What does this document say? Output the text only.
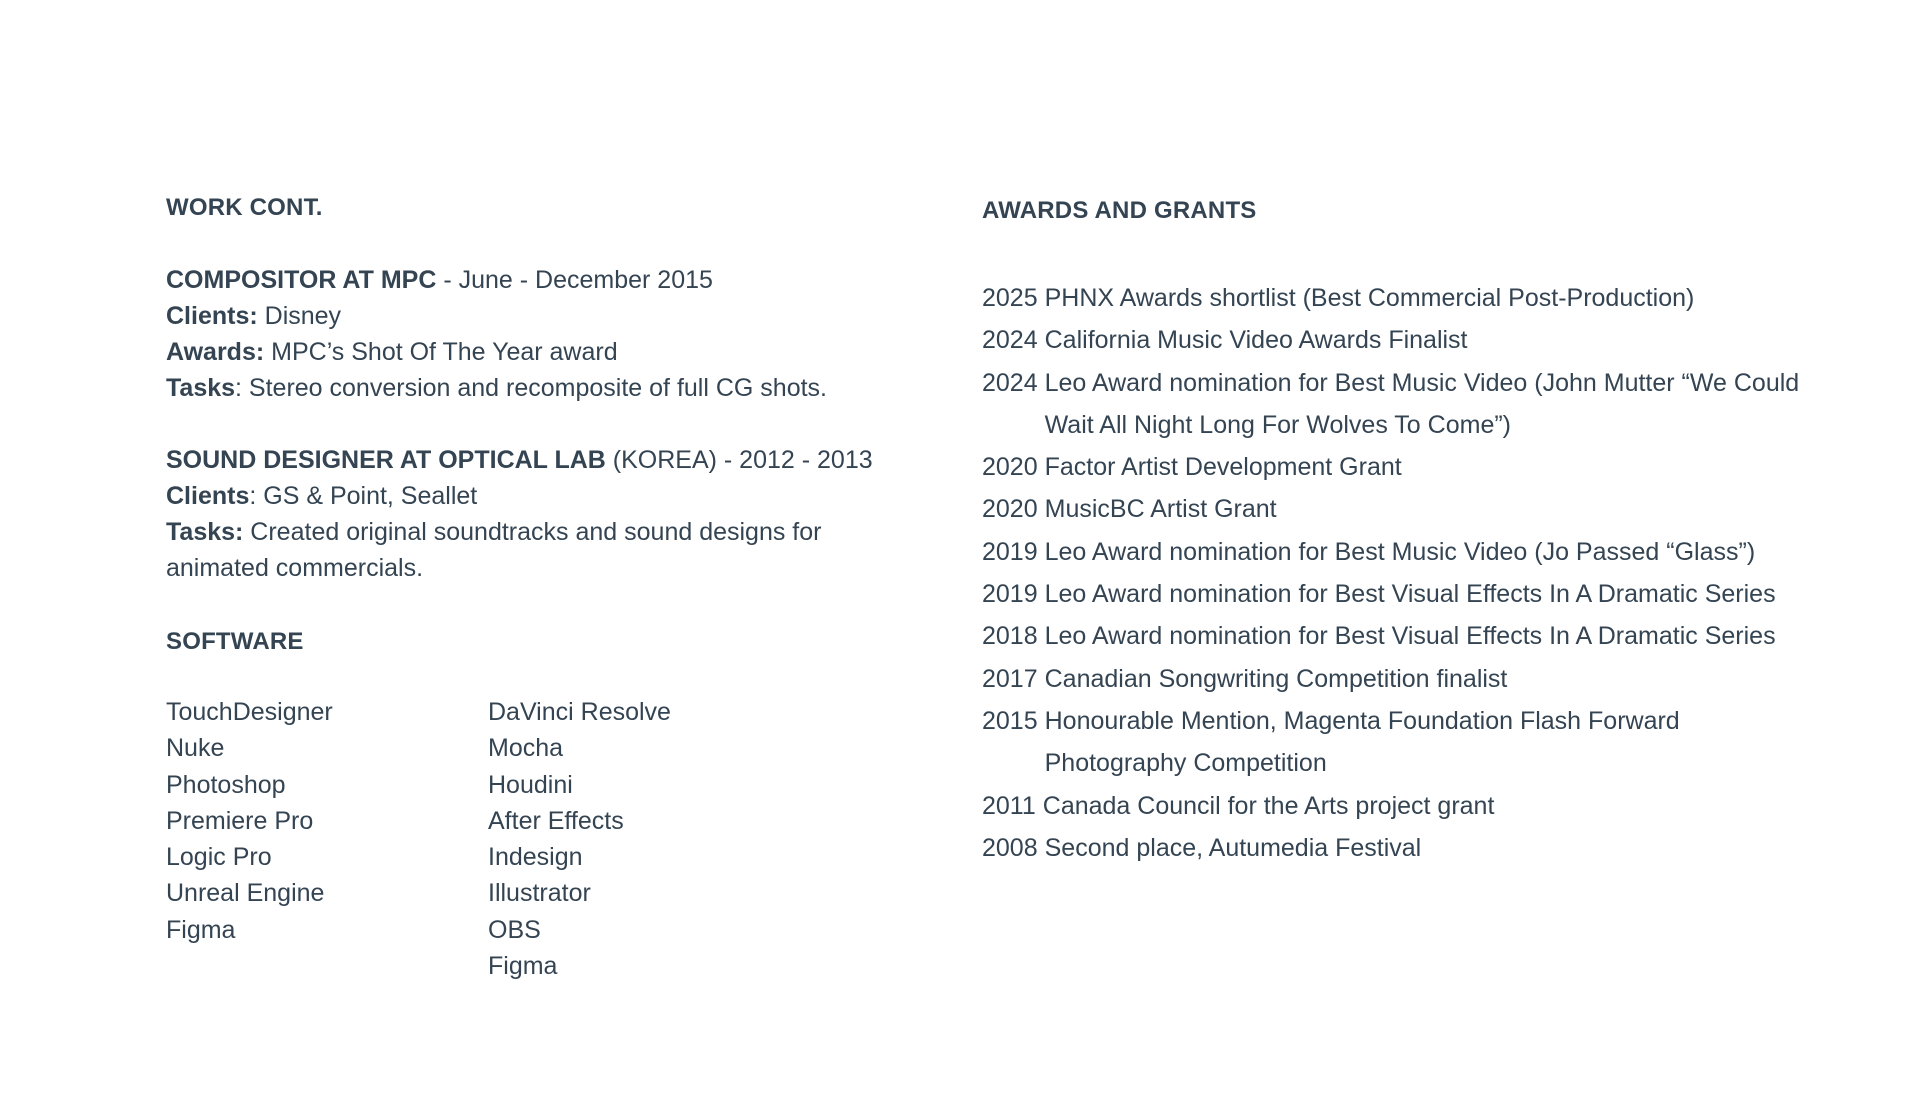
WORK CONT.
COMPOSITOR AT MPC - June - December 2015
Clients: Disney
Awards: MPC’s Shot Of The Year award
Tasks: Stereo conversion and recomposite of full CG shots.
SOUND DESIGNER AT OPTICAL LAB (KOREA) - 2012 - 2013
Clients: GS & Point, Seallet
Tasks: Created original soundtracks and sound designs for animated commercials.
SOFTWARE
TouchDesigner
Nuke
Photoshop
Premiere Pro
Logic Pro
Unreal Engine
Figma
DaVinci Resolve
Mocha
Houdini
After Effects
Indesign
Illustrator
OBS
Figma
AWARDS AND GRANTS
2025 PHNX Awards shortlist (Best Commercial Post-Production)
2024 California Music Video Awards Finalist
2024 Leo Award nomination for Best Music Video (John Mutter “We Could Wait All Night Long For Wolves To Come”)
2020 Factor Artist Development Grant
2020 MusicBC Artist Grant
2019 Leo Award nomination for Best Music Video (Jo Passed “Glass”)
2019 Leo Award nomination for Best Visual Effects In A Dramatic Series
2018 Leo Award nomination for Best Visual Effects In A Dramatic Series
2017 Canadian Songwriting Competition finalist
2015 Honourable Mention, Magenta Foundation Flash Forward Photography Competition
2011 Canada Council for the Arts project grant
2008 Second place, Autumedia Festival
